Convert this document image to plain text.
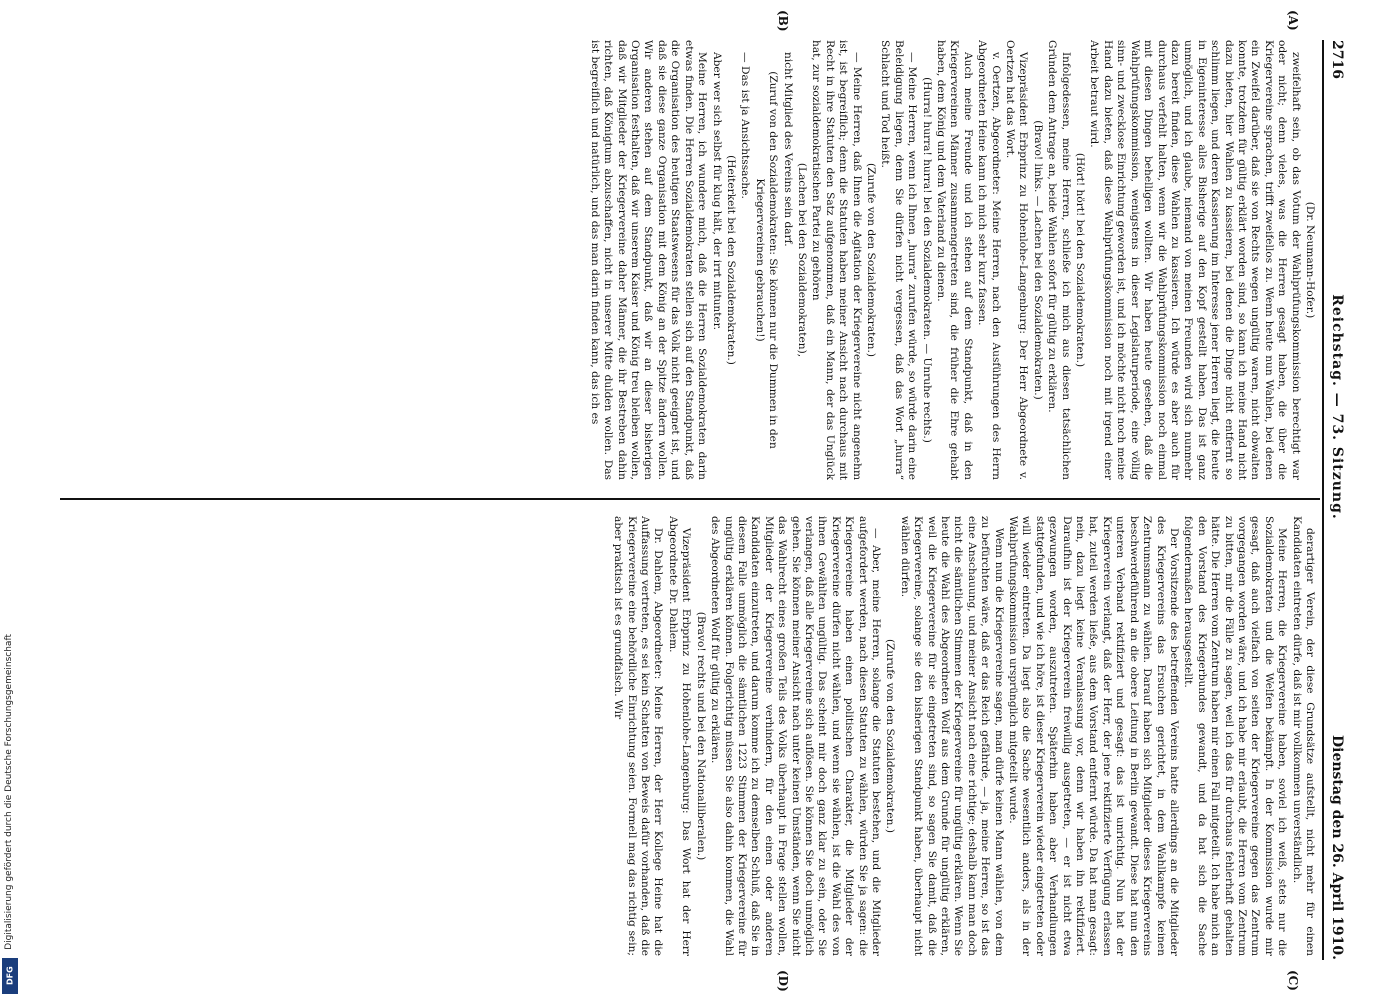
Digitalisierung gefördert durch die Deutsche Forschungsgemeinschaft
DFG
2716
Reichstag. — 73. Sitzung.
Dienstag den 26. April 1910.
(A)
(B)
(C)
(D)

(Dr. Neumann-Hofer.)

zweifelhaft sein, ob das Votum der Wahlprüfungskommission berechtigt war oder nicht; denn vieles, was die Herren gesagt haben, die über die Kriegervereine sprachen, trifft zweifellos zu. Wenn heute nun Wahlen, bei denen ein Zweifel darüber, daß sie von Rechts wegen ungültig waren, nicht obwalten konnte, trotzdem für gültig erklärt worden sind, so kann ich meine Hand nicht dazu bieten, hier Wahlen zu kassieren, bei denen die Dinge nicht entfernt so schlimm liegen, und deren Kassierung im Interesse jener Herren liegt, die heute in Eigeninteresse alles Bisherige auf den Kopf gestellt haben. Das ist ganz unmöglich, und ich glaube, niemand von meinen Freunden wird sich nunmehr dazu bereit finden, diese Wahlen zu kassieren. Ich würde es aber auch für durchaus verfehlt halten, wenn wir die Wahlprüfungskommission noch einmal mit diesen Dingen behelligen wollten. Wir haben heute gesehen, daß die Wahlprüfungskommission, wenigstens in dieser Legislaturperiode, eine völlig sinn- und zwecklose Einrichtung geworden ist, und ich möchte nicht noch meine Hand dazu bieten, daß diese Wahlprüfungskommission noch mit irgend einer Arbeit betraut wird.

(Hört! hört! bei den Sozialdemokraten.)

Infolgedessen, meine Herren, schließe ich mich aus diesen tatsächlichen Gründen dem Antrage an, beide Wahlen sofort für gültig zu erklären.

(Bravo! links. — Lachen bei den Sozialdemokraten.)

Vizepräsident Erbprinz zu Hohenlohe-Langenburg: Der Herr Abgeordnete v. Oertzen hat das Wort.

v. Oertzen, Abgeordneter: Meine Herren, nach den Ausführungen des Herrn Abgeordneten Heine kann ich mich sehr kurz fassen.

Auch meine Freunde und ich stehen auf dem Standpunkt, daß in den Kriegervereinen Männer zusammengetreten sind, die früher die Ehre gehabt haben, dem König und dem Vaterland zu dienen.

(Hurra! hurra! hurra! bei den Sozialdemokraten. — Unruhe rechts.)

— Meine Herren, wenn ich Ihnen „hurra“ zurufen würde, so würde darin eine Beleidigung liegen, denn Sie dürfen nicht vergessen, daß das Wort „hurra“ Schlacht und Tod heißt.

(Zurufe von den Sozialdemokraten.)

— Meine Herren, daß Ihnen die Agitation der Kriegervereine nicht angenehm ist, ist begreiflich; denn die Statuten haben meiner Ansicht nach durchaus mit Recht in ihre Statuten den Satz aufgenommen, daß ein Mann, der das Unglück hat, zur sozialdemokratischen Partei zu gehören

(Lachen bei den Sozialdemokraten),

nicht Mitglied des Vereins sein darf.

(Zuruf von den Sozialdemokraten: Sie können nur die Dummen in den Kriegervereinen gebrauchen!)

— Das ist ja Ansichtssache.

(Heiterkeit bei den Sozialdemokraten.)

Aber wer sich selbst für klug hält, der irrt mitunter.

Meine Herren, ich wundere mich, daß die Herren Sozialdemokraten darin etwas finden. Die Herren Sozialdemokraten stellen sich auf den Standpunkt, daß die Organisation des heutigen Staatswesens für das Volk nicht geeignet ist, und daß sie diese ganze Organisation mit dem König an der Spitze ändern wollen. Wir anderen stehen auf dem Standpunkt, daß wir an dieser bisherigen Organisation festhalten, daß wir unserem Kaiser und König treu bleiben wollen, daß wir Mitglieder der Kriegervereine daher Männer, die ihr Bestreben dahin richten, daß Königtum abzuschaffen, nicht in unserer Mitte dulden wollen. Das ist begreiflich und natürlich, und das man darin finden kann, das ich es

derartiger Verein, der diese Grundsätze aufstellt, nicht mehr für einen Kandidaten eintreten dürfe, daß ist mir vollkommen unverständlich.

Meine Herren, die Kriegervereine haben, soviel ich weiß, stets nur die Sozialdemokraten und die Welfen bekämpft. In der Kommission wurde mir gesagt, daß auch vielfach von seiten der Kriegervereine gegen das Zentrum vorgegangen worden wäre, und ich habe mir erlaubt, die Herren vom Zentrum zu bitten, mir die Fälle zu sagen, weil ich das für durchaus fehlerhaft gehalten hätte. Die Herren vom Zentrum haben mir einen Fall mitgeteilt. Ich habe mich an den Vorstand des Kriegerbundes gewandt, und da hat sich die Sache folgendermaßen herausgestellt.

Der Vorsitzende des betreffenden Vereins hatte allerdings an die Mitglieder des Kriegervereins das Ersuchen gerichtet, in dem Wahlkampfe keinen Zentrumsmann zu wählen. Darauf haben sich Mitglieder dieses Kriegervereins beschwerdeführend an die obere Leitung in Berlin gewandt. Diese hat nun den unteren Verband rektifiziert und gesagt: das ist unrichtig. Nun hat der Kriegerverein verlangt, daß der Herr, der jene rektifizierte Verfügung erlassen hat, zuteil werden ließe, aus dem Vorstand entfernt würde. Da hat man gesagt: nein, dazu liegt keine Veranlassung vor, denn wir haben ihn rektifiziert. Daraufhin ist der Kriegerverein freiwillig ausgetreten, — er ist nicht etwa gezwungen worden, auszutreten. Späterhin haben aber Verhandlungen stattgefunden, und wie ich höre, ist dieser Kriegerverein wieder eingetreten oder will wieder eintreten. Da liegt also die Sache wesentlich anders, als in der Wahlprüfungskommission ursprünglich mitgeteilt wurde.

Wenn nun die Kriegervereine sagen, man dürfe keinen Mann wählen, von dem zu befürchten wäre, daß er das Reich gefährde, — ja, meine Herren, so ist das eine Anschauung, und meiner Ansicht nach eine richtige; deshalb kann man doch nicht die sämtlichen Stimmen der Kriegervereine für ungültig erklären. Wenn Sie heute die Wahl des Abgeordneten Wolf aus dem Grunde für ungültig erklären, weil die Kriegervereine für sie eingetreten sind, so sagen Sie damit, daß die Kriegervereine, solange sie den bisherigen Standpunkt haben, überhaupt nicht wählen dürfen.

(Zurufe von den Sozialdemokraten.)

— Aber, meine Herren, solange die Statuten bestehen, und die Mitglieder aufgefordert werden, nach diesen Statuten zu wählen, würden Sie ja sagen: die Kriegervereine haben einen politischen Charakter, die Mitglieder der Kriegervereine dürfen nicht wählen, und wenn sie wählen, ist die Wahl des von ihnen Gewählten ungültig. Das scheint mir doch ganz klar zu sein, oder Sie verlangen, daß alle Kriegervereine sich auflösen. Sie können Sie doch unmöglich gehen. Sie können meiner Ansicht nach unter keinen Umständen, wenn Sie nicht das Wahlrecht eines großen Teils des Volks überhaupt in Frage stellen wollen, Mitglieder der Kriegervereine verhindern, für den einen oder anderen Kandidaten einzutreten, und darum komme ich zu demselben Schluß, daß Sie in diesem Falle unmöglich die sämtlichen 1223 Stimmen der Kriegervereine für ungültig erklären können. Folgerichtig müssen Sie also dahin kommen, die Wahl des Abgeordneten Wolf für gültig zu erklären.

(Bravo! rechts und bei den Nationalliberalen.)

Vizepräsident Erbprinz zu Hohenlohe-Langenburg: Das Wort hat der Herr Abgeordnete Dr. Dahlem.

Dr. Dahlem, Abgeordneter: Meine Herren, der Herr Kollege Heine hat die Auffassung vertreten, es sei kein Schatten von Beweis dafür vorhanden, daß die Kriegervereine eine behördliche Einrichtung seien. Formell mag das richtig sein; aber praktisch ist es grundfalsch. Wir
